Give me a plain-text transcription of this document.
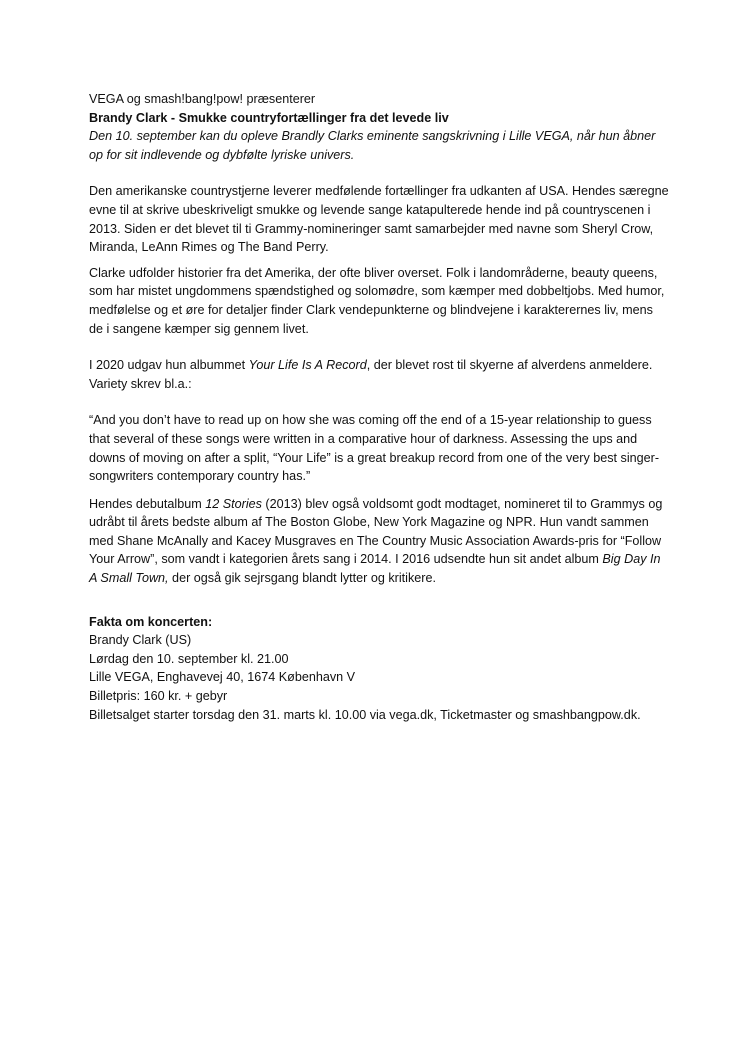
VEGA og smash!bang!pow! præsenterer

Brandy Clark - Smukke countryfortællinger fra det levede liv

Den 10. september kan du opleve Brandly Clarks eminente sangskrivning i Lille VEGA, når hun åbner op for sit indlevende og dybfølte lyriske univers.

Den amerikanske countrystjerne leverer medfølende fortællinger fra udkanten af USA. Hendes særegne evne til at skrive ubeskriveligt smukke og levende sange katapulterede hende ind på countryscenen i 2013. Siden er det blevet til ti Grammy-nomineringer samt samarbejder med navne som Sheryl Crow, Miranda, LeAnn Rimes og The Band Perry.

Clarke udfolder historier fra det Amerika, der ofte bliver overset. Folk i landområderne, beauty queens, som har mistet ungdommens spændstighed og solomødre, som kæmper med dobbeltjobs. Med humor, medfølelse og et øre for detaljer finder Clark vendepunkterne og blindvejene i karakterernes liv, mens de i sangene kæmper sig gennem livet.

I 2020 udgav hun albummet Your Life Is A Record, der blevet rost til skyerne af alverdens anmeldere. Variety skrev bl.a.:

“And you don’t have to read up on how she was coming off the end of a 15-year relationship to guess that several of these songs were written in a comparative hour of darkness. Assessing the ups and downs of moving on after a split, “Your Life” is a great breakup record from one of the very best singer-songwriters contemporary country has.”

Hendes debutalbum 12 Stories (2013) blev også voldsomt godt modtaget, nomineret til to Grammys og udråbt til årets bedste album af The Boston Globe, New York Magazine og NPR. Hun vandt sammen med Shane McAnally and Kacey Musgraves en The Country Music Association Awards-pris for “Follow Your Arrow”, som vandt i kategorien årets sang i 2014. I 2016 udsendte hun sit andet album Big Day In A Small Town, der også gik sejrsgang blandt lytter og kritikere.

Fakta om koncerten:

Brandy Clark (US)

Lørdag den 10. september kl. 21.00

Lille VEGA, Enghavevej 40, 1674 København V

Billetpris: 160 kr. + gebyr

Billetsalget starter torsdag den 31. marts kl. 10.00 via vega.dk, Ticketmaster og smashbangpow.dk.
